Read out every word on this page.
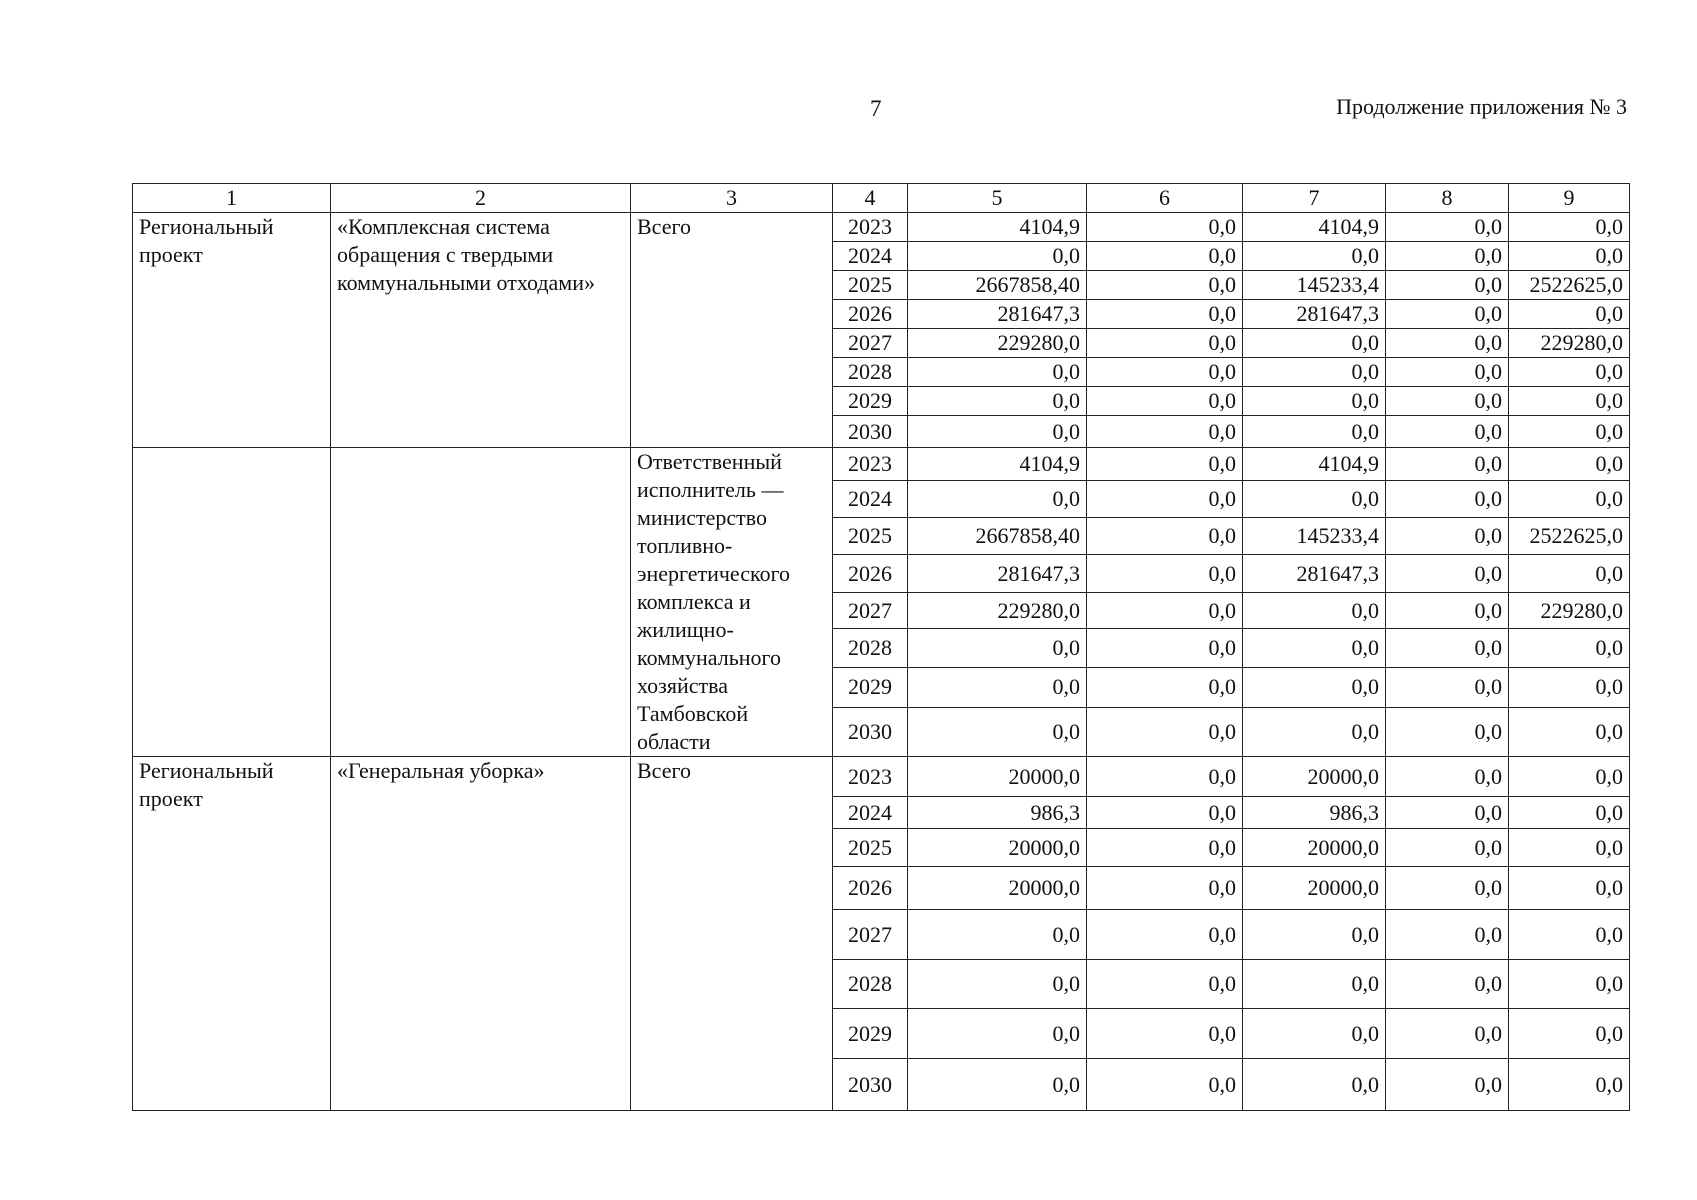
7	Продолжение приложения № 3
1	2	3	4	5	6	7	8	9
Региональный проект	«Комплексная система обращения с твердыми коммунальными отходами»	Всего	2023	4104,9	0,0	4104,9	0,0	0,0
			2024	0,0	0,0	0,0	0,0	0,0
			2025	2667858,40	0,0	145233,4	0,0	2522625,0
			2026	281647,3	0,0	281647,3	0,0	0,0
			2027	229280,0	0,0	0,0	0,0	229280,0
			2028	0,0	0,0	0,0	0,0	0,0
			2029	0,0	0,0	0,0	0,0	0,0
			2030	0,0	0,0	0,0	0,0	0,0
		Ответственный исполнитель — министерство топливно-энергетического комплекса и жилищно-коммунального хозяйства Тамбовской области	2023	4104,9	0,0	4104,9	0,0	0,0
			2024	0,0	0,0	0,0	0,0	0,0
			2025	2667858,40	0,0	145233,4	0,0	2522625,0
			2026	281647,3	0,0	281647,3	0,0	0,0
			2027	229280,0	0,0	0,0	0,0	229280,0
			2028	0,0	0,0	0,0	0,0	0,0
			2029	0,0	0,0	0,0	0,0	0,0
			2030	0,0	0,0	0,0	0,0	0,0
Региональный проект	«Генеральная уборка»	Всего	2023	20000,0	0,0	20000,0	0,0	0,0
			2024	986,3	0,0	986,3	0,0	0,0
			2025	20000,0	0,0	20000,0	0,0	0,0
			2026	20000,0	0,0	20000,0	0,0	0,0
			2027	0,0	0,0	0,0	0,0	0,0
			2028	0,0	0,0	0,0	0,0	0,0
			2029	0,0	0,0	0,0	0,0	0,0
			2030	0,0	0,0	0,0	0,0	0,0
